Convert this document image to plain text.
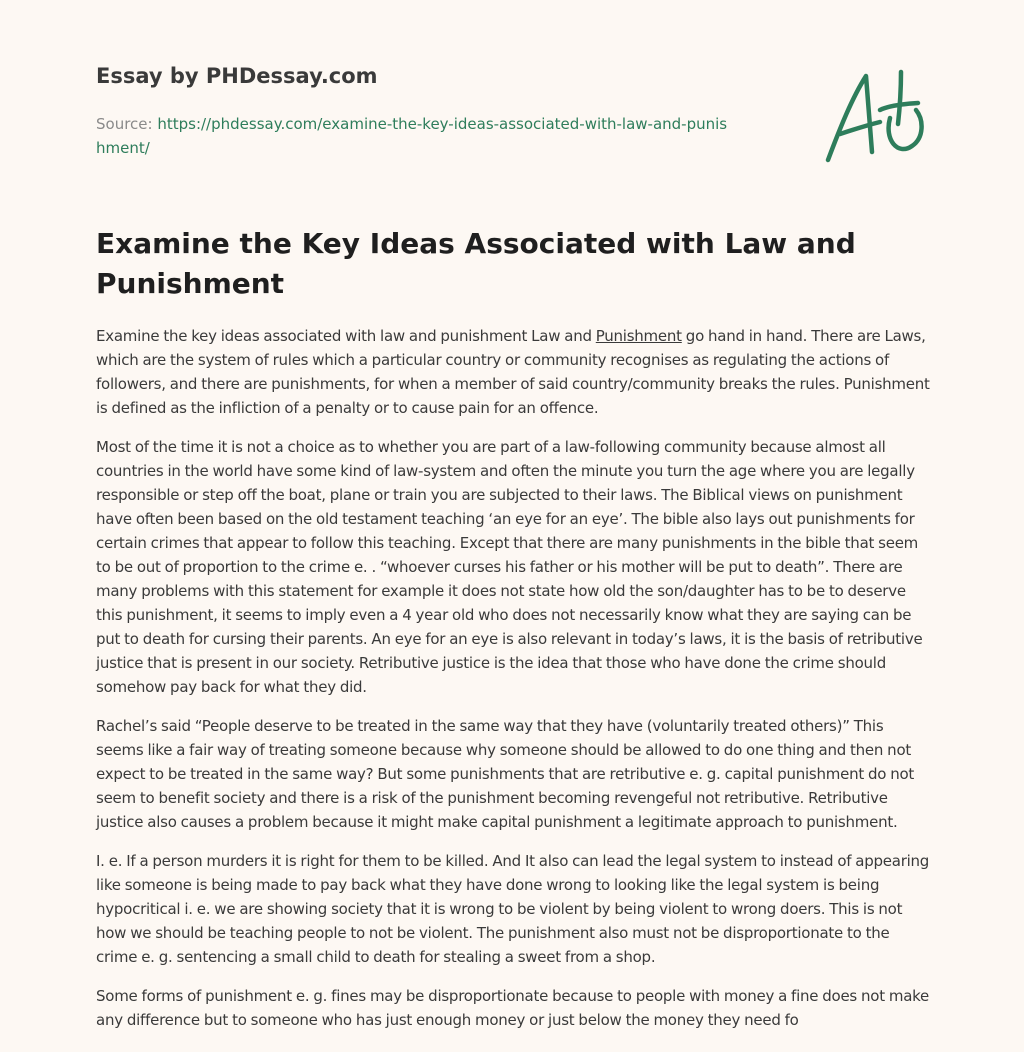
Essay by PHDessay.com
Source: https://phdessay.com/examine-the-key-ideas-associated-with-law-and-punishment/
Examine the Key Ideas Associated with Law and Punishment

Examine the key ideas associated with law and punishment Law and Punishment go hand in hand. There are Laws, which are the system of rules which a particular country or community recognises as regulating the actions of followers, and there are punishments, for when a member of said country/community breaks the rules. Punishment is defined as the infliction of a penalty or to cause pain for an offence.

Most of the time it is not a choice as to whether you are part of a law-following community because almost all countries in the world have some kind of law-system and often the minute you turn the age where you are legally responsible or step off the boat, plane or train you are subjected to their laws. The Biblical views on punishment have often been based on the old testament teaching ‘an eye for an eye’. The bible also lays out punishments for certain crimes that appear to follow this teaching. Except that there are many punishments in the bible that seem to be out of proportion to the crime e. . “whoever curses his father or his mother will be put to death”. There are many problems with this statement for example it does not state how old the son/daughter has to be to deserve this punishment, it seems to imply even a 4 year old who does not necessarily know what they are saying can be put to death for cursing their parents. An eye for an eye is also relevant in today’s laws, it is the basis of retributive justice that is present in our society. Retributive justice is the idea that those who have done the crime should somehow pay back for what they did.

Rachel’s said “People deserve to be treated in the same way that they have (voluntarily treated others)” This seems like a fair way of treating someone because why someone should be allowed to do one thing and then not expect to be treated in the same way? But some punishments that are retributive e. g. capital punishment do not seem to benefit society and there is a risk of the punishment becoming revengeful not retributive. Retributive justice also causes a problem because it might make capital punishment a legitimate approach to punishment.

I. e. If a person murders it is right for them to be killed. And It also can lead the legal system to instead of appearing like someone is being made to pay back what they have done wrong to looking like the legal system is being hypocritical i. e. we are showing society that it is wrong to be violent by being violent to wrong doers. This is not how we should be teaching people to not be violent. The punishment also must not be disproportionate to the crime e. g. sentencing a small child to death for stealing a sweet from a shop.

Some forms of punishment e. g. fines may be disproportionate because to people with money a fine does not make any difference but to someone who has just enough money or just below the money they need fo
